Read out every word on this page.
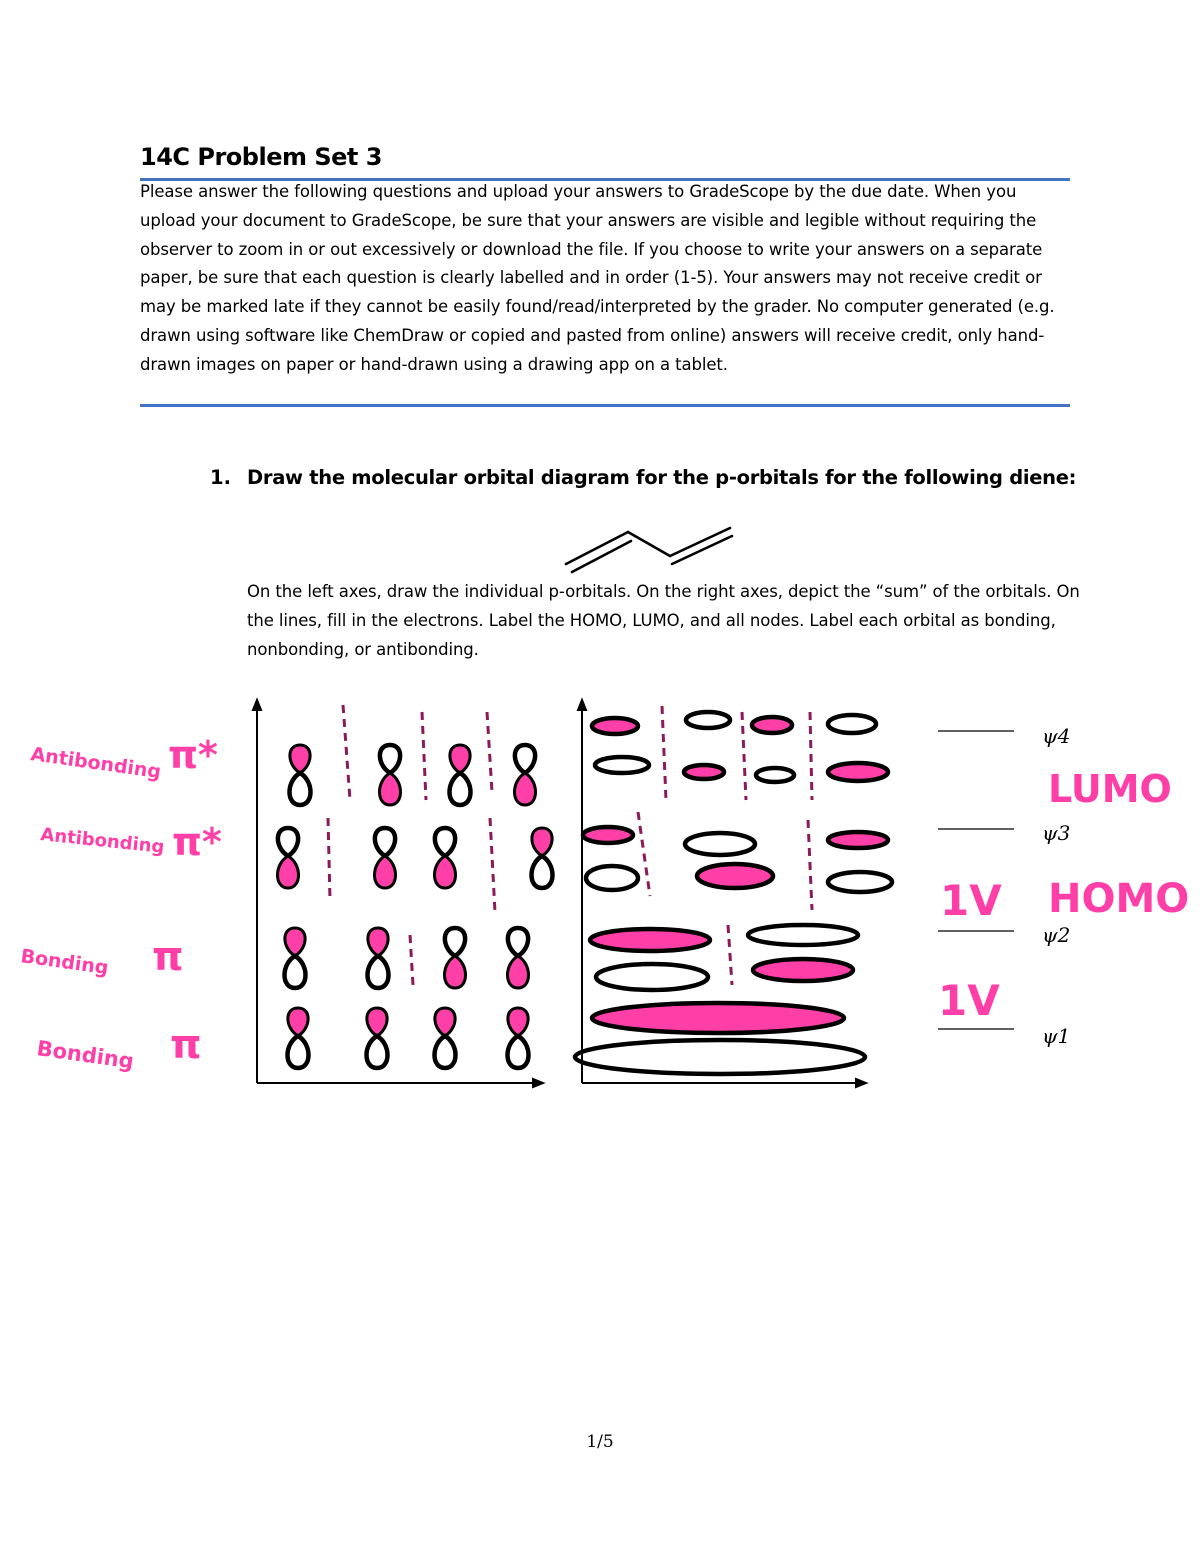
14C Problem Set 3

Please answer the following questions and upload your answers to GradeScope by the due date. When you upload your document to GradeScope, be sure that your answers are visible and legible without requiring the observer to zoom in or out excessively or download the file. If you choose to write your answers on a separate paper, be sure that each question is clearly labelled and in order (1-5). Your answers may not receive credit or may be marked late if they cannot be easily found/read/interpreted by the grader. No computer generated (e.g. drawn using software like ChemDraw or copied and pasted from online) answers will receive credit, only hand-drawn images on paper or hand-drawn using a drawing app on a tablet.

1. Draw the molecular orbital diagram for the p-orbitals for the following diene:

On the left axes, draw the individual p-orbitals. On the right axes, depict the “sum” of the orbitals. On the lines, fill in the electrons. Label the HOMO, LUMO, and all nodes. Label each orbital as bonding, nonbonding, or antibonding.

ψ4
ψ3
ψ2
ψ1
Antibonding
Antibonding
Bonding
Bonding
π*
π*
π
π
LUMO
HOMO
1V
1V
1/5
